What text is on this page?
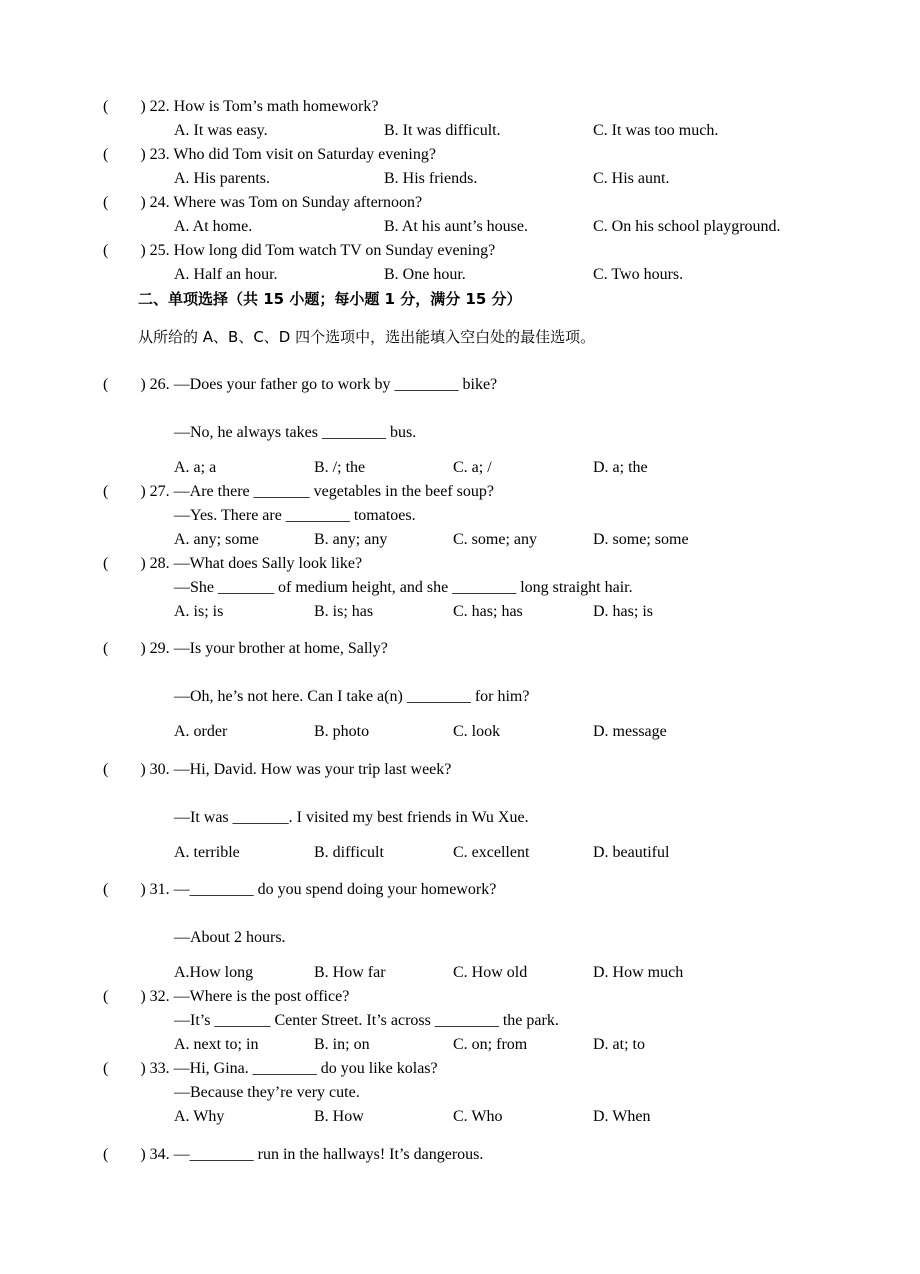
(        ) 22. How is Tom’s math homework?
A. It was easy.	B. It was difficult.	C. It was too much.
(        ) 23. Who did Tom visit on Saturday evening?
A. His parents.	B. His friends.	C. His aunt.
(        ) 24. Where was Tom on Sunday afternoon?
A. At home.	B. At his aunt’s house.	C. On his school playground.
(        ) 25. How long did Tom watch TV on Sunday evening?
A. Half an hour.	B. One hour.	C. Two hours.
二、单项选择（共 15 小题；每小题 1 分，满分 15 分）
从所给的 A、B、C、D 四个选项中，选出能填入空白处的最佳选项。
(        ) 26. —Does your father go to work by ________ bike?
—No, he always takes ________ bus.
A. a; a	B. /; the	C. a; /	D. a; the
(        ) 27. —Are there _______ vegetables in the beef soup?
—Yes. There are ________ tomatoes.
A. any; some	B. any; any	C. some; any	D. some; some
(        ) 28. —What does Sally look like?
—She _______ of medium height, and she ________ long straight hair.
A. is; is	B. is; has	C. has; has	D. has; is
(        ) 29. —Is your brother at home, Sally?
—Oh, he’s not here. Can I take a(n) ________ for him?
A. order	B. photo	C. look	D. message
(        ) 30. —Hi, David. How was your trip last week?
—It was _______. I visited my best friends in Wu Xue.
A. terrible	B. difficult	C. excellent	D. beautiful
(        ) 31. —________ do you spend doing your homework?
—About 2 hours.
A.How long	B. How far	C. How old	D. How much
(        ) 32. —Where is the post office?
—It’s _______ Center Street. It’s across ________ the park.
A. next to; in	B. in; on	C. on; from	D. at; to
(        ) 33. —Hi, Gina. ________ do you like kolas?
—Because they’re very cute.
A. Why	B. How	C. Who	D. When
(        ) 34. —________ run in the hallways! It’s dangerous.
